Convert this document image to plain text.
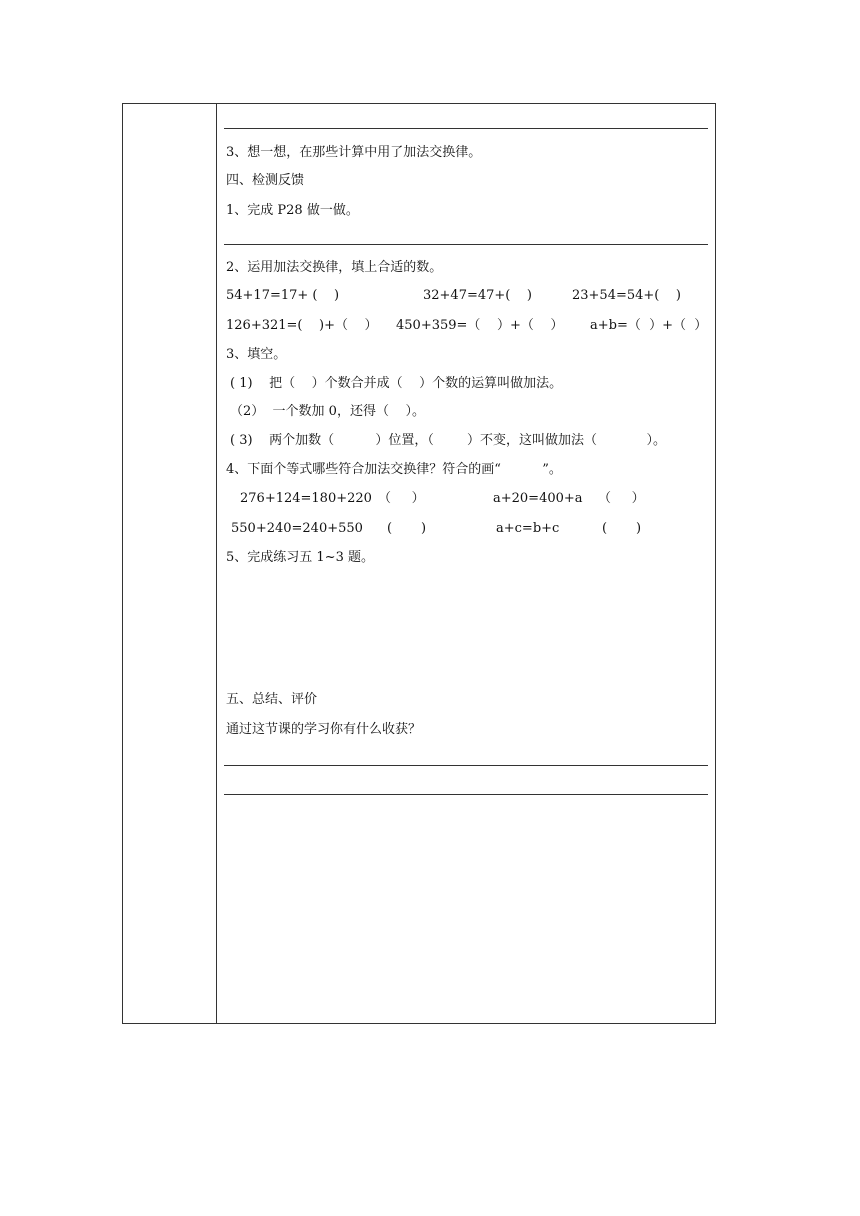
3、想一想，在那些计算中用了加法交换律。
四、检测反馈
1、完成 P28 做一做。
2、运用加法交换律，填上合适的数。
54+17=17+ (    )	32+47=47+(    )	23+54=54+(    )
126+321=(    )+（    ） 450+359=（    ）+（    ） a+b=（  ）+（  ）
3、填空。
( 1)    把（    ）个数合并成（    ）个数的运算叫做加法。
（2）  一个数加 0，还得（    ）。
( 3)    两个加数（          ）位置，（        ）不变，这叫做加法（            ）。
4、下面个等式哪些符合加法交换律？符合的画“          ”。
276+124=180+220 （     ）	a+20=400+a （     ）
550+240=240+550 (       )	a+c=b+c	(       )
5、完成练习五 1~3 题。
五、总结、评价
通过这节课的学习你有什么收获？
